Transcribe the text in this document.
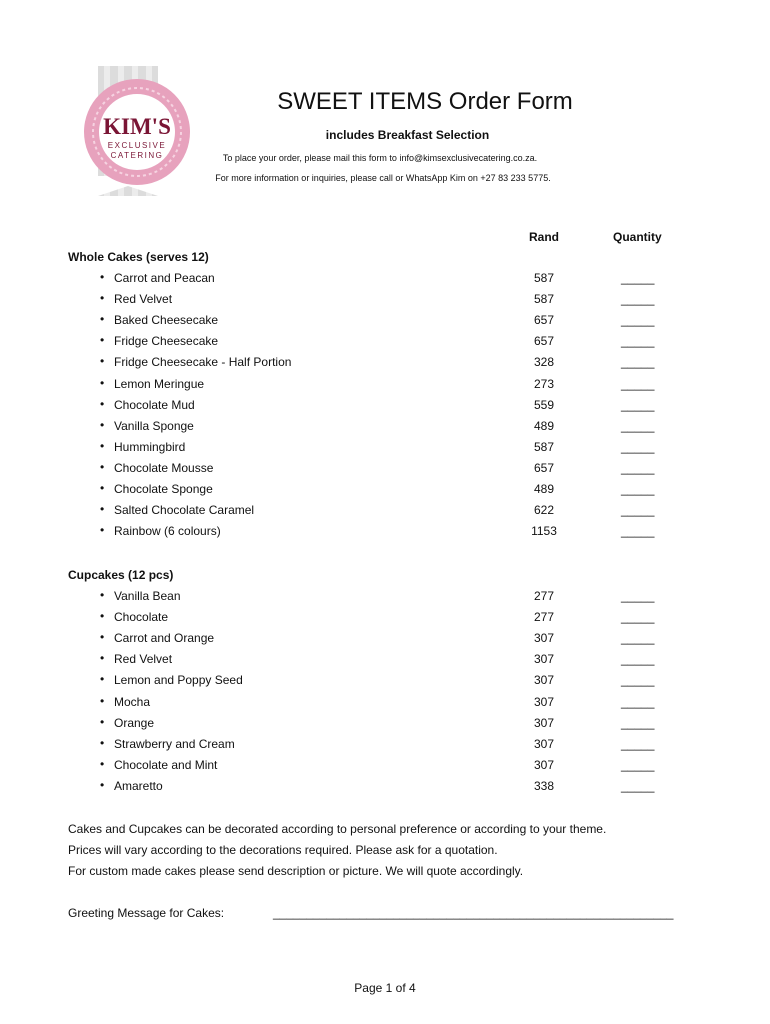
KIM'S
EXCLUSIVE
CATERING
SWEET ITEMS Order Form
includes Breakfast Selection
To place your order, please mail this form to info@kimsexclusivecatering.co.za.
For more information or inquiries, please call or WhatsApp Kim on +27 83 233 5775.
Rand	Quantity
Whole Cakes (serves 12)
• Carrot and Peacan	587	_____
• Red Velvet	587	_____
• Baked Cheesecake	657	_____
• Fridge Cheesecake	657	_____
• Fridge Cheesecake - Half Portion	328	_____
• Lemon Meringue	273	_____
• Chocolate Mud	559	_____
• Vanilla Sponge	489	_____
• Hummingbird	587	_____
• Chocolate Mousse	657	_____
• Chocolate Sponge	489	_____
• Salted Chocolate Caramel	622	_____
• Rainbow (6 colours)	1153	_____
Cupcakes (12 pcs)
• Vanilla Bean	277	_____
• Chocolate	277	_____
• Carrot and Orange	307	_____
• Red Velvet	307	_____
• Lemon and Poppy Seed	307	_____
• Mocha	307	_____
• Orange	307	_____
• Strawberry and Cream	307	_____
• Chocolate and Mint	307	_____
• Amaretto	338	_____
Cakes and Cupcakes can be decorated according to personal preference or according to your theme.
Prices will vary according to the decorations required. Please ask for a quotation.
For custom made cakes please send description or picture. We will quote accordingly.
Greeting Message for Cakes:	____________________________________________________________
Page 1 of 4
